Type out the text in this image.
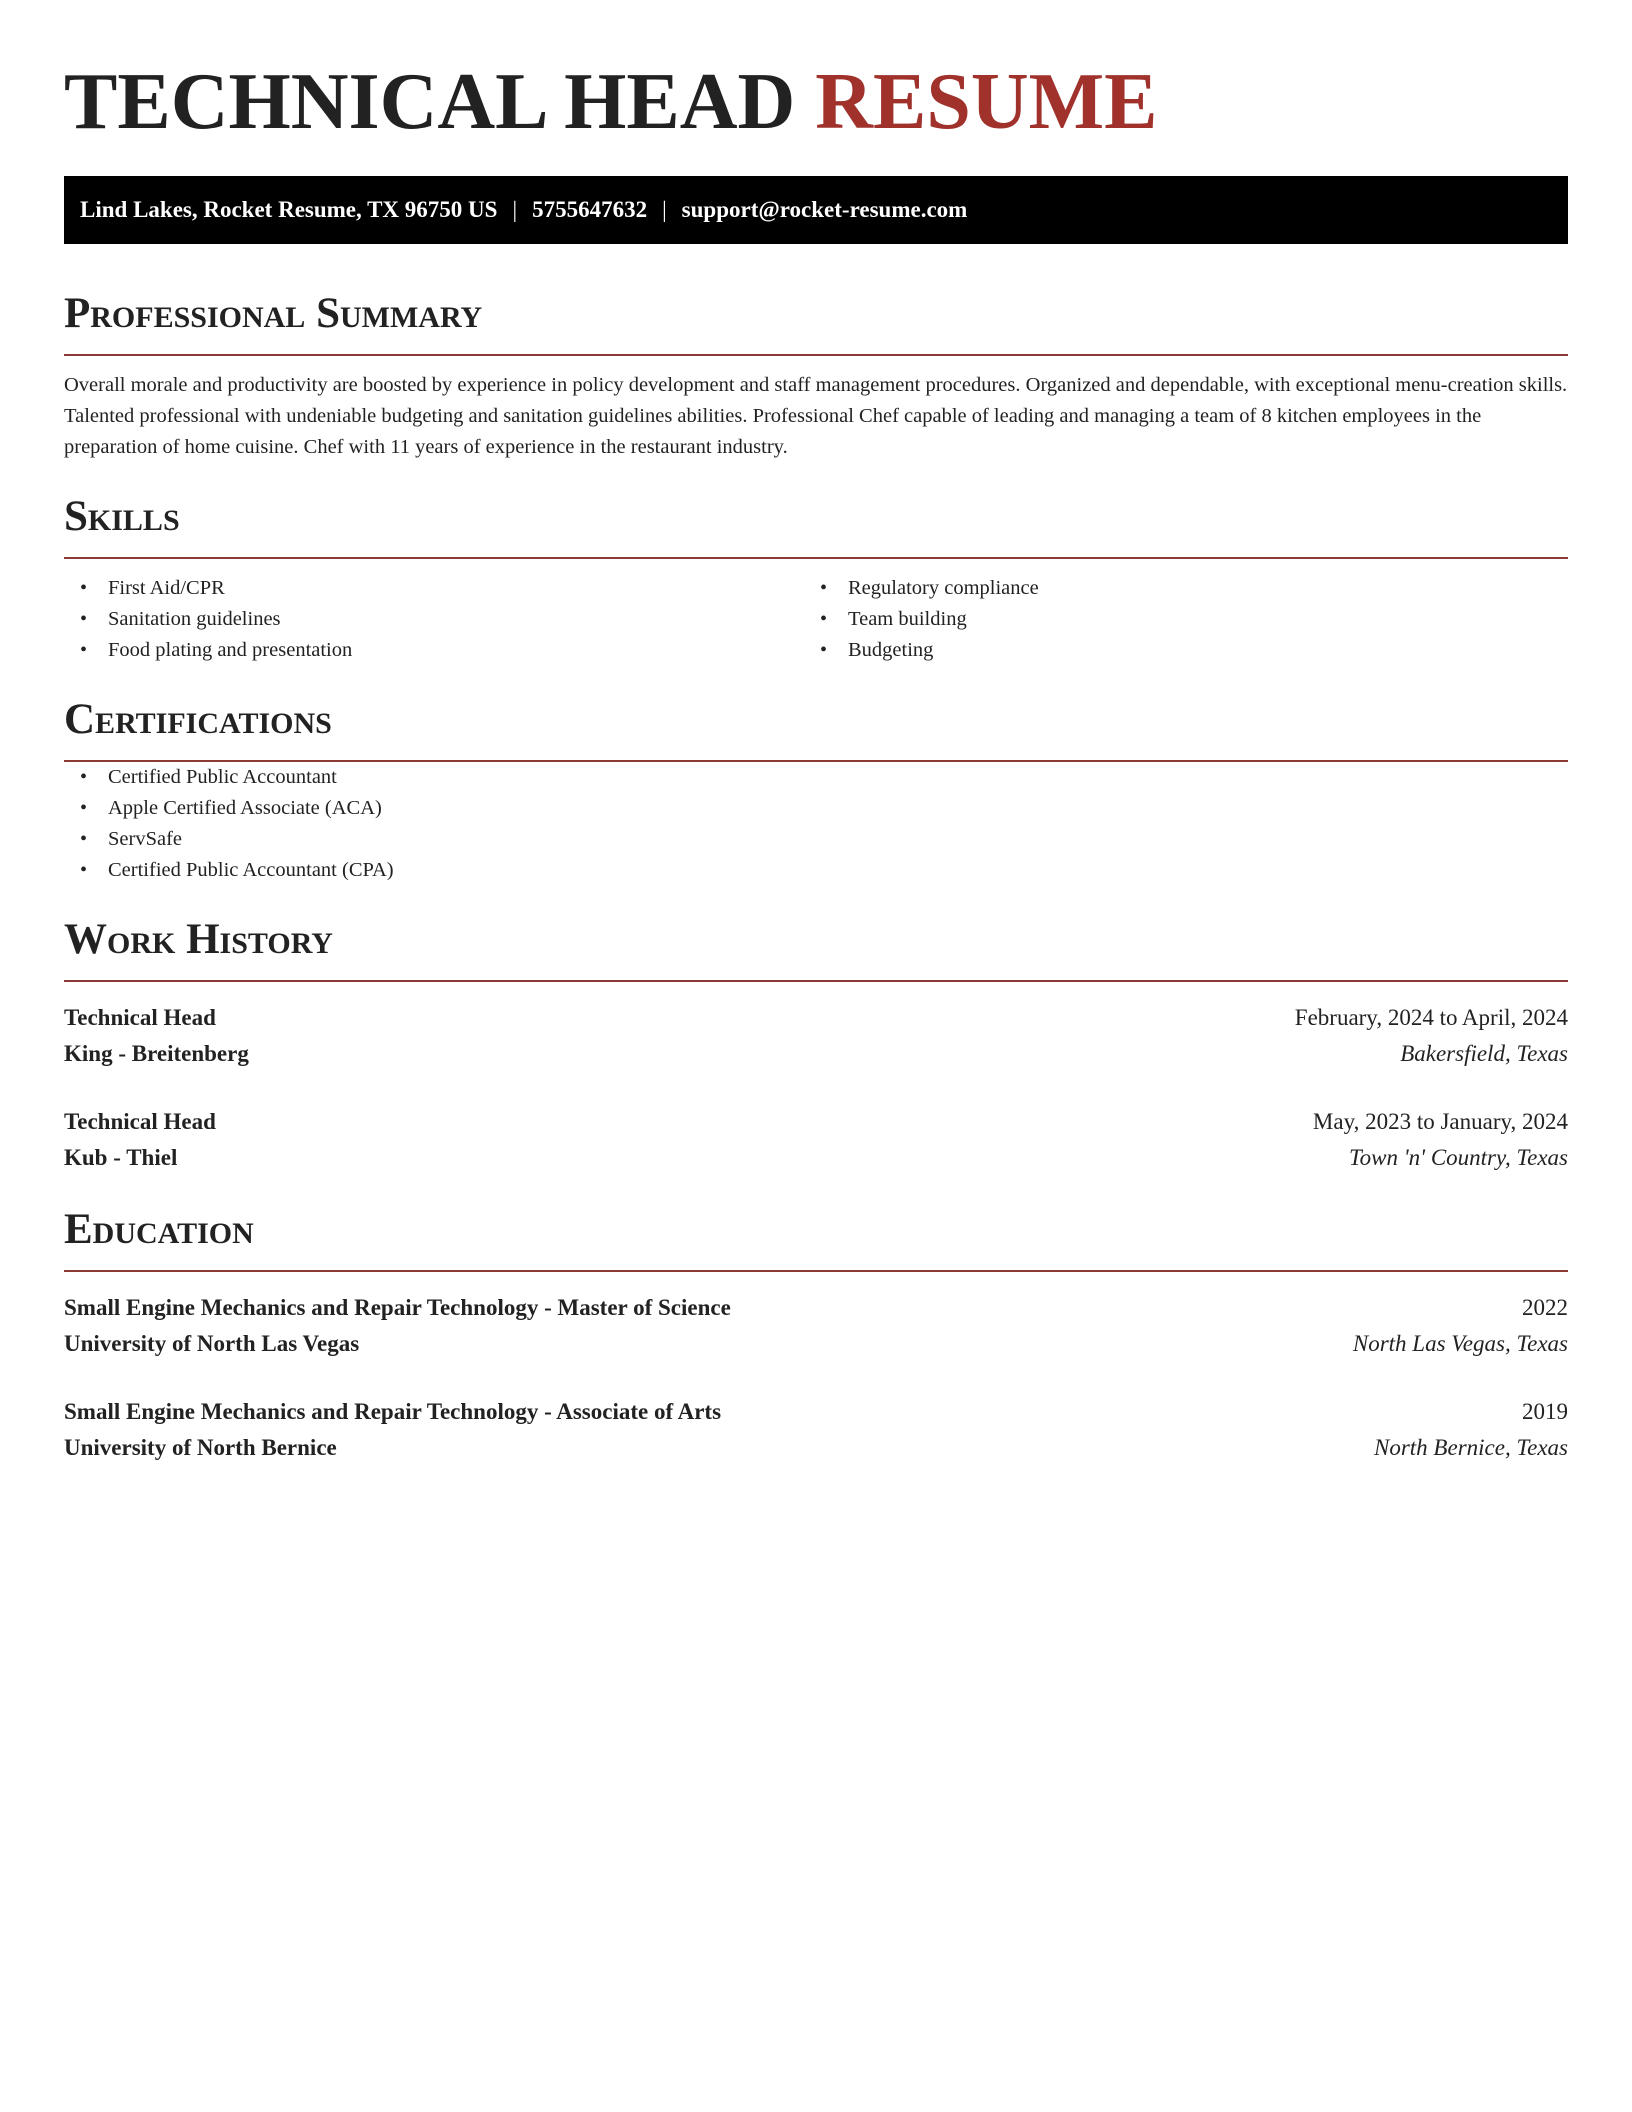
TECHNICAL HEAD RESUME
Lind Lakes, Rocket Resume, TX 96750 US | 5755647632 | support@rocket-resume.com
Professional Summary

Overall morale and productivity are boosted by experience in policy development and staff management procedures. Organized and dependable, with exceptional menu-creation skills. Talented professional with undeniable budgeting and sanitation guidelines abilities. Professional Chef capable of leading and managing a team of 8 kitchen employees in the preparation of home cuisine. Chef with 11 years of experience in the restaurant industry.

Skills
• First Aid/CPR
• Sanitation guidelines
• Food plating and presentation
• Regulatory compliance
• Team building
• Budgeting
Certifications
• Certified Public Accountant
• Apple Certified Associate (ACA)
• ServSafe
• Certified Public Accountant (CPA)
Work History
Technical Head	February, 2024 to April, 2024
King - Breitenberg	Bakersfield, Texas
Technical Head	May, 2023 to January, 2024
Kub - Thiel	Town 'n' Country, Texas
Education
Small Engine Mechanics and Repair Technology - Master of Science	2022
University of North Las Vegas	North Las Vegas, Texas
Small Engine Mechanics and Repair Technology - Associate of Arts	2019
University of North Bernice	North Bernice, Texas
